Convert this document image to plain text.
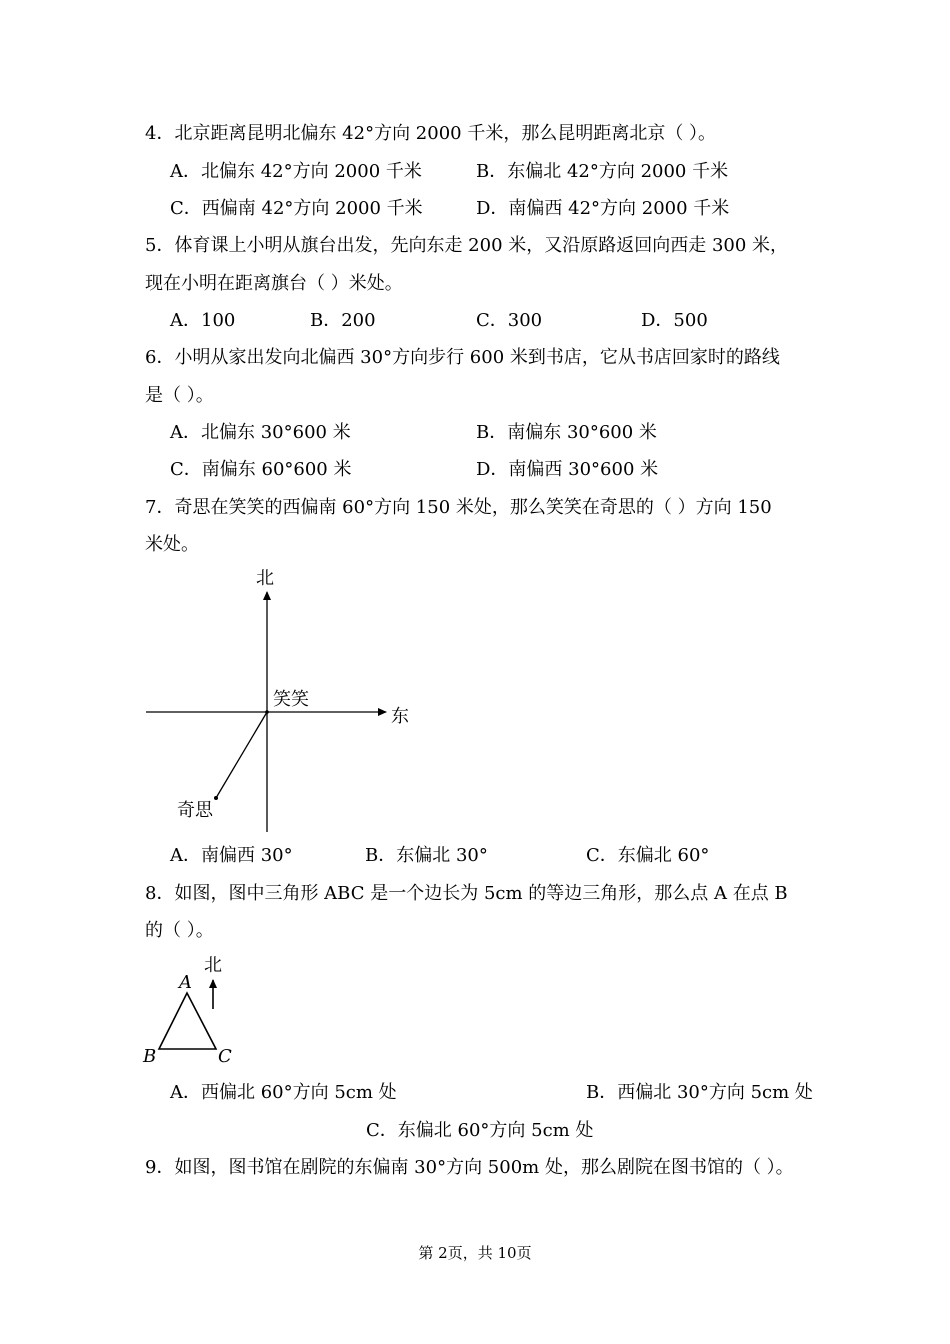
4．北京距离昆明北偏东 42°方向 2000 千米，那么昆明距离北京（ ）。
A．北偏东 42°方向 2000 千米	B．东偏北 42°方向 2000 千米
C．西偏南 42°方向 2000 千米	D．南偏西 42°方向 2000 千米
5．体育课上小明从旗台出发，先向东走 200 米，又沿原路返回向西走 300 米，
现在小明在距离旗台（ ）米处。
A．100	B．200	C．300	D．500
6．小明从家出发向北偏西 30°方向步行 600 米到书店，它从书店回家时的路线
是（ ）。
A．北偏东 30°600 米	B．南偏东 30°600 米
C．南偏东 60°600 米	D．南偏西 30°600 米
7．奇思在笑笑的西偏南 60°方向 150 米处，那么笑笑在奇思的（ ）方向 150
米处。
北
东
笑笑
奇思
A．南偏西 30°	B．东偏北 30°	C．东偏北 60°
8．如图，图中三角形 ABC 是一个边长为 5cm 的等边三角形，那么点 A 在点 B
的（ ）。
北
A
B	C
A．西偏北 60°方向 5cm 处	B．西偏北 30°方向 5cm 处
C．东偏北 60°方向 5cm 处
9．如图，图书馆在剧院的东偏南 30°方向 500m 处，那么剧院在图书馆的（ ）。
第 2页，共 10页
